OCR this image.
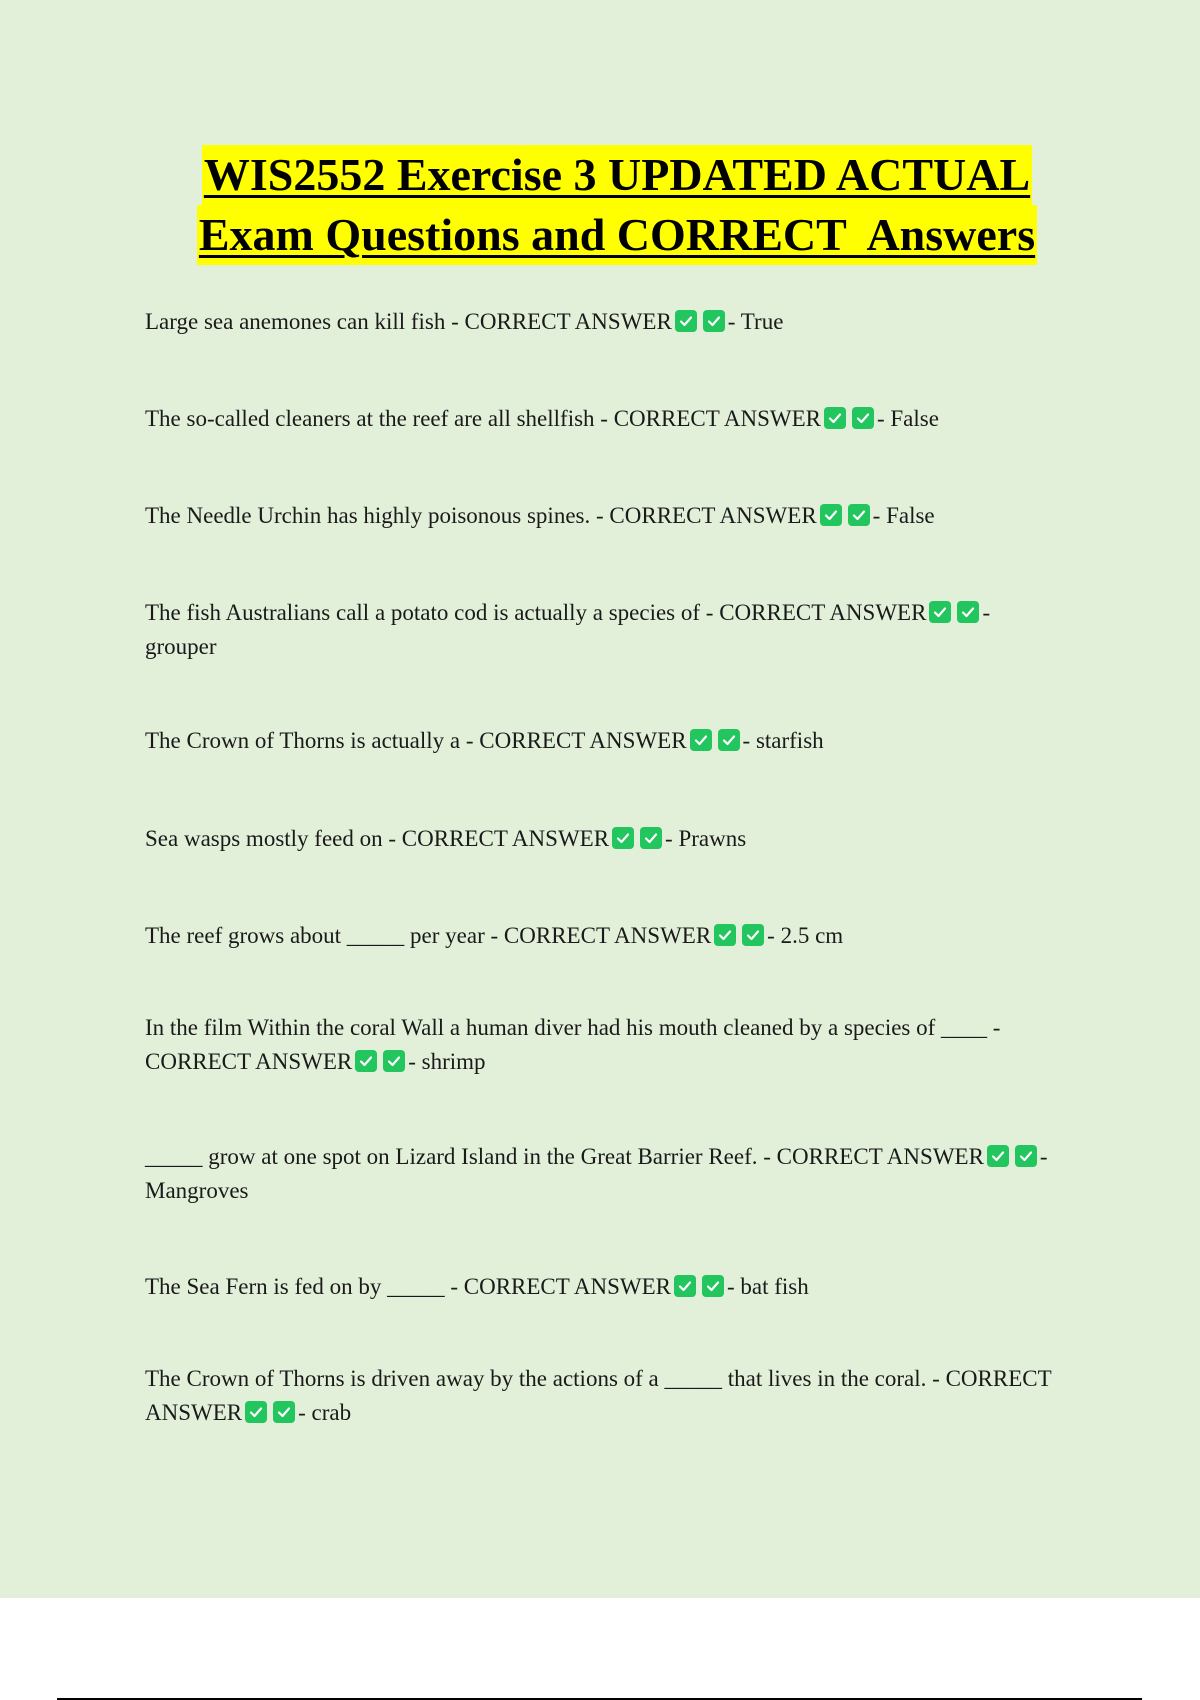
WIS2552 Exercise 3 UPDATED ACTUAL
Exam Questions and CORRECT  Answers

Large sea anemones can kill fish - CORRECT ANSWER - True

The so-called cleaners at the reef are all shellfish - CORRECT ANSWER - False

The Needle Urchin has highly poisonous spines. - CORRECT ANSWER - False

The fish Australians call a potato cod is actually a species of - CORRECT ANSWER - grouper

The Crown of Thorns is actually a - CORRECT ANSWER - starfish

Sea wasps mostly feed on - CORRECT ANSWER - Prawns

The reef grows about _____ per year - CORRECT ANSWER - 2.5 cm

In the film Within the coral Wall a human diver had his mouth cleaned by a species of ____ - CORRECT ANSWER - shrimp

_____ grow at one spot on Lizard Island in the Great Barrier Reef. - CORRECT ANSWER - Mangroves

The Sea Fern is fed on by _____ - CORRECT ANSWER - bat fish

The Crown of Thorns is driven away by the actions of a _____ that lives in the coral. - CORRECT ANSWER - crab
